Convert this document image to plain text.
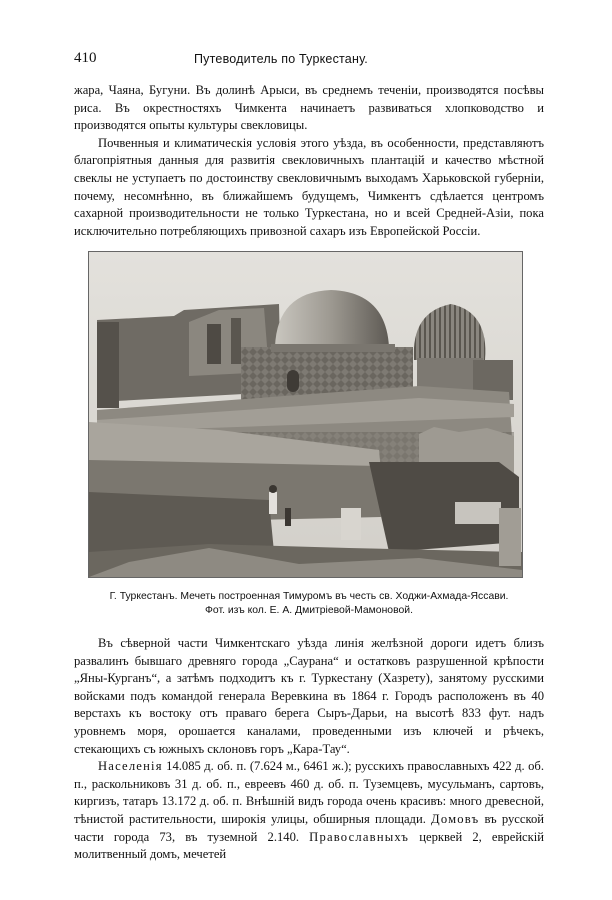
410	Путеводитель по Туркестану.

жара, Чаяна, Бугуни. Въ долинѣ Арыси, въ среднемъ теченіи, производятся посѣвы риса. Въ окрестностяхъ Чимкента начинаетъ развиваться хлопководство и производятся опыты культуры свекловицы.

Почвенныя и климатическія условія этого уѣзда, въ особенности, представляютъ благопріятныя данныя для развитія свекловичныхъ плантацій и качество мѣстной свеклы не уступаетъ по достоинству свекловичнымъ выходамъ Харьковской губерніи, почему, несомнѣнно, въ ближайшемъ будущемъ, Чимкентъ сдѣлается центромъ сахарной производительности не только Туркестана, но и всей Средней-Азіи, пока исключительно потребляющихъ привозной сахаръ изъ Европейской Россіи.

Г. Туркестанъ. Мечеть построенная Тимуромъ въ честь св. Ходжи-Ахмада-Яссави.
Фот. изъ кол. Е. А. Дмитріевой-Мамоновой.

Въ сѣверной части Чимкентскаго уѣзда линія желѣзной дороги идетъ близъ развалинъ бывшаго древняго города „Саурана“ и остатковъ разрушенной крѣпости „Яны-Курганъ“, а затѣмъ подходитъ къ г. Туркестану (Хазрету), занятому русскими войсками подъ командой генерала Веревкина въ 1864 г. Городъ расположенъ въ 40 верстахъ къ востоку отъ праваго берега Сыръ-Дарьи, на высотѣ 833 фут. надъ уровнемъ моря, орошается каналами, проведенными изъ ключей и рѣчекъ, стекающихъ съ южныхъ склоновъ горъ „Кара-Тау“.

Населенія 14.085 д. об. п. (7.624 м., 6461 ж.); русскихъ православныхъ 422 д. об. п., раскольниковъ 31 д. об. п., евреевъ 460 д. об. п. Туземцевъ, мусульманъ, сартовъ, киргизъ, татаръ 13.172 д. об. п. Внѣшній видъ города очень красивъ: много древесной, тѣнистой растительности, широкія улицы, обширныя площади. Домовъ въ русской части города 73, въ туземной 2.140. Православныхъ церквей 2, еврейскій молитвенный домъ, мечетей
